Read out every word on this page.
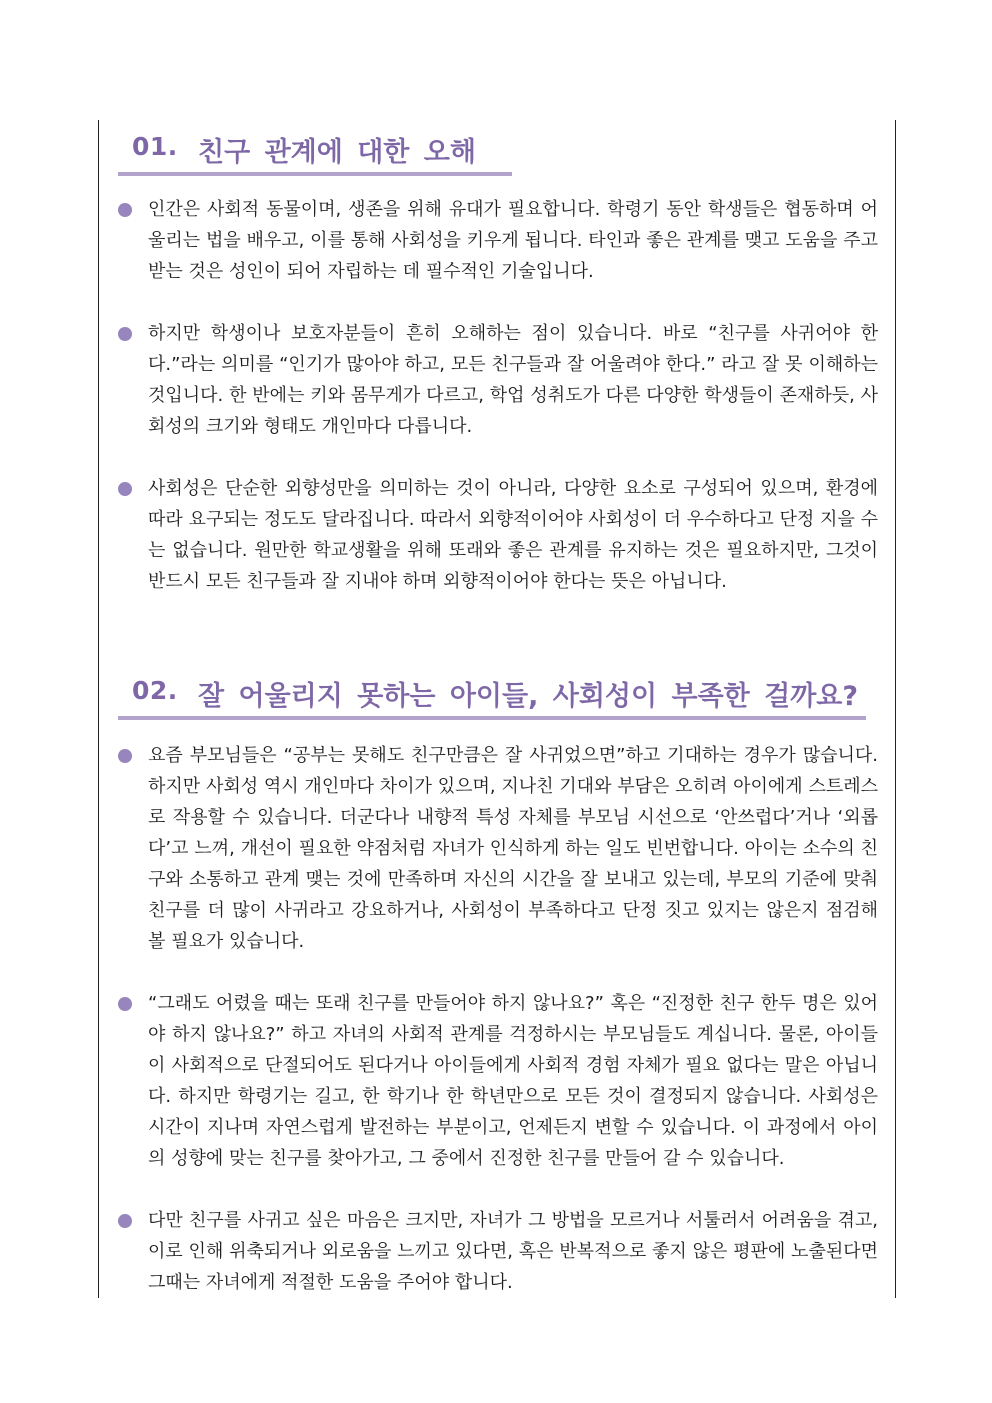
01. 친구 관계에 대한 오해
인간은 사회적 동물이며, 생존을 위해 유대가 필요합니다. 학령기 동안 학생들은 협동하며 어울리는 법을 배우고, 이를 통해 사회성을 키우게 됩니다. 타인과 좋은 관계를 맺고 도움을 주고받는 것은 성인이 되어 자립하는 데 필수적인 기술입니다.
하지만 학생이나 보호자분들이 흔히 오해하는 점이 있습니다. 바로 “친구를 사귀어야 한다.”라는 의미를 “인기가 많아야 하고, 모든 친구들과 잘 어울려야 한다.” 라고 잘 못 이해하는 것입니다. 한 반에는 키와 몸무게가 다르고, 학업 성취도가 다른 다양한 학생들이 존재하듯, 사회성의 크기와 형태도 개인마다 다릅니다.
사회성은 단순한 외향성만을 의미하는 것이 아니라, 다양한 요소로 구성되어 있으며, 환경에 따라 요구되는 정도도 달라집니다. 따라서 외향적이어야 사회성이 더 우수하다고 단정 지을 수는 없습니다. 원만한 학교생활을 위해 또래와 좋은 관계를 유지하는 것은 필요하지만, 그것이 반드시 모든 친구들과 잘 지내야 하며 외향적이어야 한다는 뜻은 아닙니다.
02. 잘 어울리지 못하는 아이들, 사회성이 부족한 걸까요?
요즘 부모님들은 “공부는 못해도 친구만큼은 잘 사귀었으면”하고 기대하는 경우가 많습니다. 하지만 사회성 역시 개인마다 차이가 있으며, 지나친 기대와 부담은 오히려 아이에게 스트레스로 작용할 수 있습니다. 더군다나 내향적 특성 자체를 부모님 시선으로 ‘안쓰럽다’거나 ‘외롭다’고 느껴, 개선이 필요한 약점처럼 자녀가 인식하게 하는 일도 빈번합니다. 아이는 소수의 친구와 소통하고 관계 맺는 것에 만족하며 자신의 시간을 잘 보내고 있는데, 부모의 기준에 맞춰 친구를 더 많이 사귀라고 강요하거나, 사회성이 부족하다고 단정 짓고 있지는 않은지 점검해 볼 필요가 있습니다.
“그래도 어렸을 때는 또래 친구를 만들어야 하지 않나요?” 혹은 “진정한 친구 한두 명은 있어야 하지 않나요?” 하고 자녀의 사회적 관계를 걱정하시는 부모님들도 계십니다. 물론, 아이들이 사회적으로 단절되어도 된다거나 아이들에게 사회적 경험 자체가 필요 없다는 말은 아닙니다. 하지만 학령기는 길고, 한 학기나 한 학년만으로 모든 것이 결정되지 않습니다. 사회성은 시간이 지나며 자연스럽게 발전하는 부분이고, 언제든지 변할 수 있습니다. 이 과정에서 아이의 성향에 맞는 친구를 찾아가고, 그 중에서 진정한 친구를 만들어 갈 수 있습니다.
다만 친구를 사귀고 싶은 마음은 크지만, 자녀가 그 방법을 모르거나 서툴러서 어려움을 겪고, 이로 인해 위축되거나 외로움을 느끼고 있다면, 혹은 반복적으로 좋지 않은 평판에 노출된다면 그때는 자녀에게 적절한 도움을 주어야 합니다.
